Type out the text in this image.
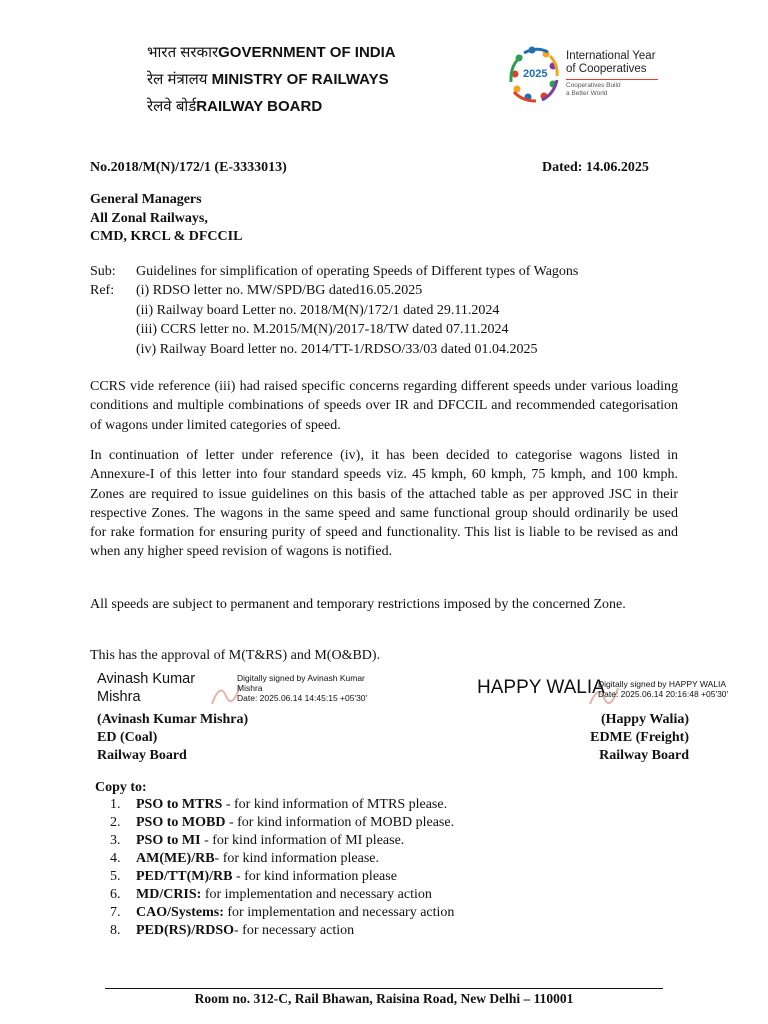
भारत सरकारGOVERNMENT OF INDIA
रेल मंत्रालय MINISTRY OF RAILWAYS
रेलवे बोर्डRAILWAY BOARD
2025
International Year
of Cooperatives
Cooperatives Build
a Better World
No.2018/M(N)/172/1 (E-3333013)	Dated: 14.06.2025
General Managers
All Zonal Railways,
CMD, KRCL & DFCCIL
Sub: Guidelines for simplification of operating Speeds of Different types of Wagons
Ref: (i) RDSO letter no. MW/SPD/BG dated16.05.2025
(ii) Railway board Letter no. 2018/M(N)/172/1 dated 29.11.2024
(iii) CCRS letter no. M.2015/M(N)/2017-18/TW dated 07.11.2024
(iv) Railway Board letter no. 2014/TT-1/RDSO/33/03 dated 01.04.2025
CCRS vide reference (iii) had raised specific concerns regarding different speeds under various loading conditions and multiple combinations of speeds over IR and DFCCIL and recommended categorisation of wagons under limited categories of speed.
In continuation of letter under reference (iv), it has been decided to categorise wagons listed in Annexure-I of this letter into four standard speeds viz. 45 kmph, 60 kmph, 75 kmph, and 100 kmph. Zones are required to issue guidelines on this basis of the attached table as per approved JSC in their respective Zones. The wagons in the same speed and same functional group should ordinarily be used for rake formation for ensuring purity of speed and functionality. This list is liable to be revised as and when any higher speed revision of wagons is notified.
All speeds are subject to permanent and temporary restrictions imposed by the concerned Zone.
This has the approval of M(T&RS) and M(O&BD).
Avinash Kumar
Mishra
Digitally signed by Avinash Kumar
Mishra
Date: 2025.06.14 14:45:15 +05'30'
(Avinash Kumar Mishra)
ED (Coal)
Railway Board
HAPPY WALIA
Digitally signed by HAPPY WALIA
Date: 2025.06.14 20:16:48 +05'30'
(Happy Walia)
EDME (Freight)
Railway Board
Copy to:
1. PSO to MTRS - for kind information of MTRS please.
2. PSO to MOBD - for kind information of MOBD please.
3. PSO to MI - for kind information of MI please.
4. AM(ME)/RB- for kind information please.
5. PED/TT(M)/RB - for kind information please
6. MD/CRIS: for implementation and necessary action
7. CAO/Systems: for implementation and necessary action
8. PED(RS)/RDSO- for necessary action
Room no. 312-C, Rail Bhawan, Raisina Road, New Delhi – 110001
